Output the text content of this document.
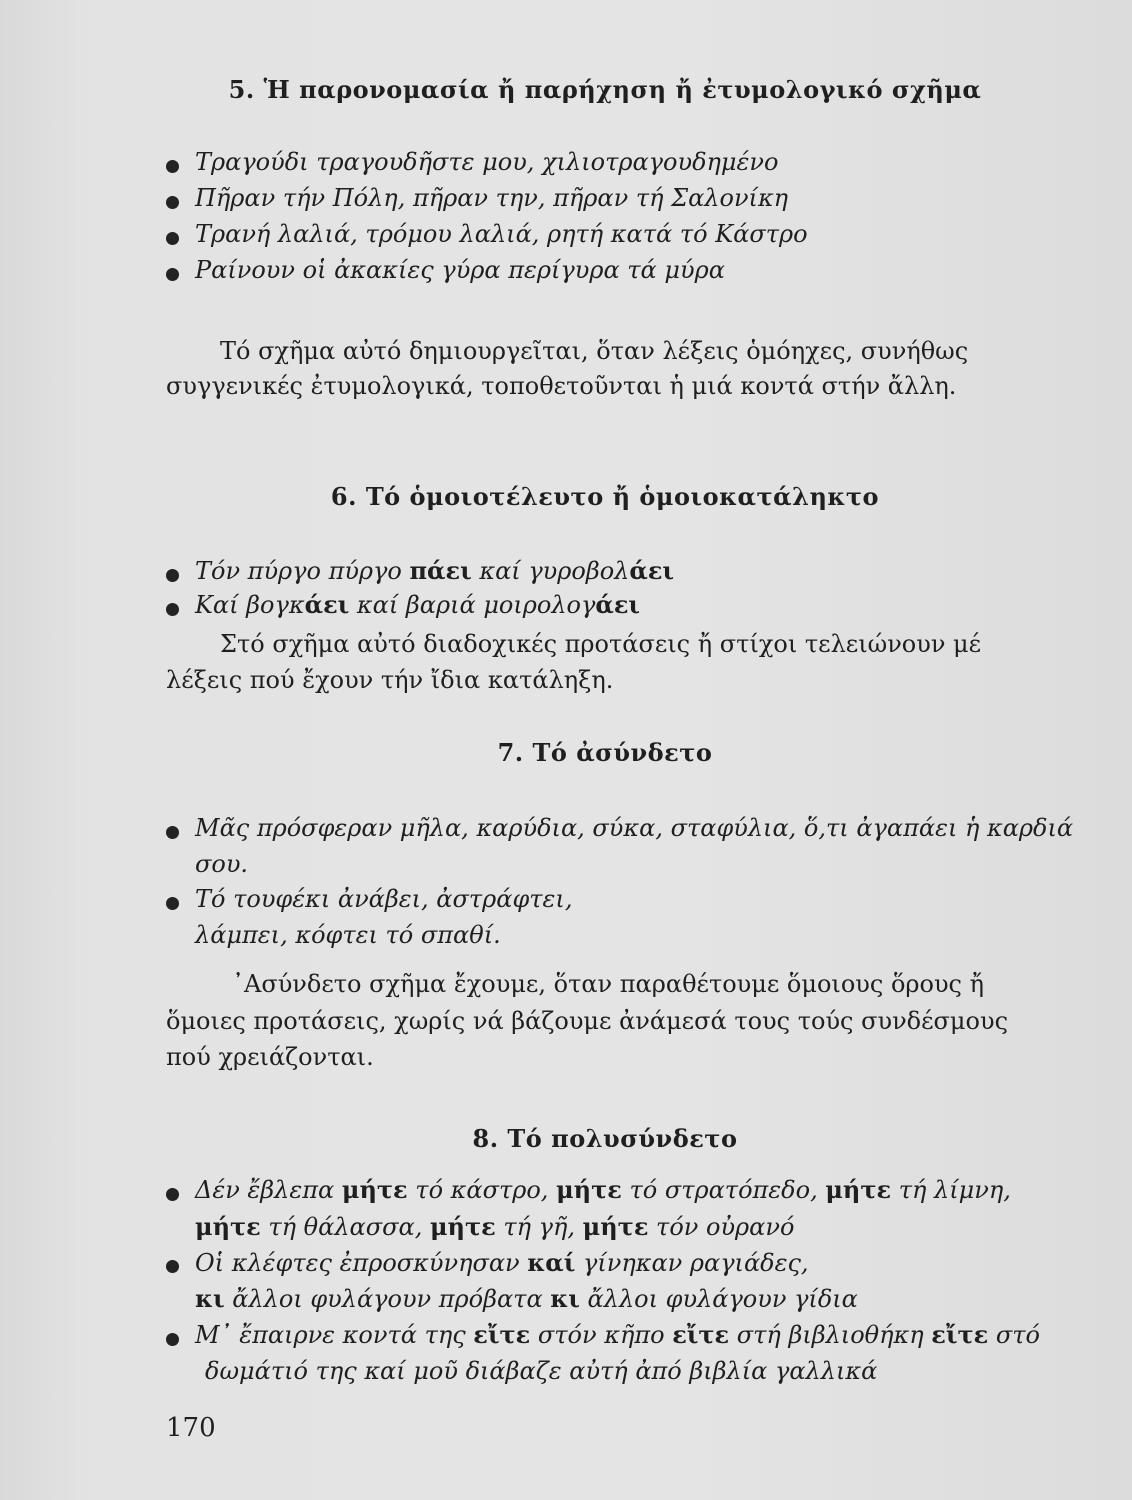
5. Ἡ παρονομασία ἤ παρήχηση ἤ ἐτυμολογικό σχῆμα
Τραγούδι τραγουδῆστε μου, χιλιοτραγουδημένο
Πῆραν τήν Πόλη, πῆραν την, πῆραν τή Σαλονίκη
Τρανή λαλιά, τρόμου λαλιά, ρητή κατά τό Κάστρο
Ραίνουν οἱ ἀκακίες γύρα περίγυρα τά μύρα
Τό σχῆμα αὐτό δημιουργεῖται, ὅταν λέξεις ὁμόηχες, συνήθως
συγγενικές ἐτυμολογικά, τοποθετοῦνται ἡ μιά κοντά στήν ἄλλη.
6. Τό ὁμοιοτέλευτο ἤ ὁμοιοκατάληκτο
Τόν πύργο πύργο πάει καί γυροβολάει
Καί βογκάει καί βαριά μοιρολογάει
Στό σχῆμα αὐτό διαδοχικές προτάσεις ἤ στίχοι τελειώνουν μέ
λέξεις πού ἔχουν τήν ἴδια κατάληξη.
7. Τό ἀσύνδετο
Μᾶς πρόσφεραν μῆλα, καρύδια, σύκα, σταφύλια, ὅ,τι ἀγαπάει ἡ καρδιά
σου.
Τό τουφέκι ἀνάβει, ἀστράφτει,
λάμπει, κόφτει τό σπαθί.
᾿Ασύνδετο σχῆμα ἔχουμε, ὅταν παραθέτουμε ὅμοιους ὅρους ἤ
ὅμοιες προτάσεις, χωρίς νά βάζουμε ἀνάμεσά τους τούς συνδέσμους
πού χρειάζονται.
8. Τό πολυσύνδετο
Δέν ἔβλεπα μήτε τό κάστρο, μήτε τό στρατόπεδο, μήτε τή λίμνη,
μήτε τή θάλασσα, μήτε τή γῆ, μήτε τόν οὐρανό
Οἱ κλέφτες ἐπροσκύνησαν καί γίνηκαν ραγιάδες,
κι ἄλλοι φυλάγουν πρόβατα κι ἄλλοι φυλάγουν γίδια
Μ᾿ ἔπαιρνε κοντά της εἴτε στόν κῆπο εἴτε στή βιβλιοθήκη εἴτε στό
δωμάτιό της καί μοῦ διάβαζε αὐτή ἀπό βιβλία γαλλικά
170
